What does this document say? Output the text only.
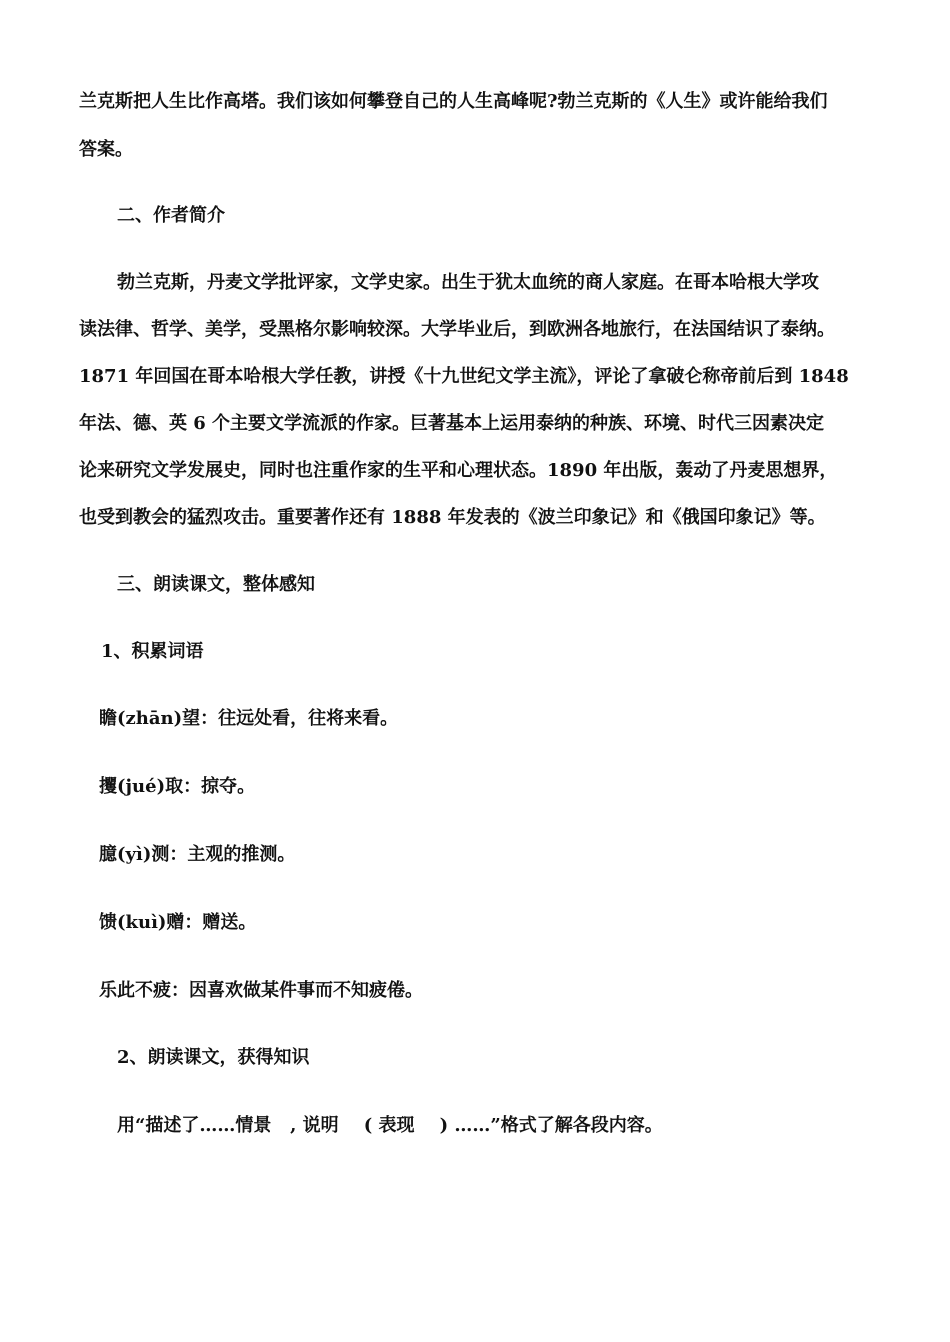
兰克斯把人生比作高塔。我们该如何攀登自己的人生高峰呢?勃兰克斯的《人生》或许能给我们
答案。
二、作者简介
勃兰克斯，丹麦文学批评家，文学史家。出生于犹太血统的商人家庭。在哥本哈根大学攻
读法律、哲学、美学，受黑格尔影响较深。大学毕业后，到欧洲各地旅行，在法国结识了泰纳。
1871 年回国在哥本哈根大学任教，讲授《十九世纪文学主流》，评论了拿破仑称帝前后到 1848
年法、德、英 6 个主要文学流派的作家。巨著基本上运用泰纳的种族、环境、时代三因素决定
论来研究文学发展史，同时也注重作家的生平和心理状态。1890 年出版，轰动了丹麦思想界，
也受到教会的猛烈攻击。重要著作还有 1888 年发表的《波兰印象记》和《俄国印象记》等。
三、朗读课文，整体感知
1、积累词语
瞻(zhān)望：往远处看，往将来看。
攫(jué)取：掠夺。
臆(yì)测：主观的推测。
馈(kuì)赠：赠送。
乐此不疲：因喜欢做某件事而不知疲倦。
2、朗读课文，获得知识
用“描述了……情景   , 说明    ( 表现    ) ……”格式了解各段内容。
